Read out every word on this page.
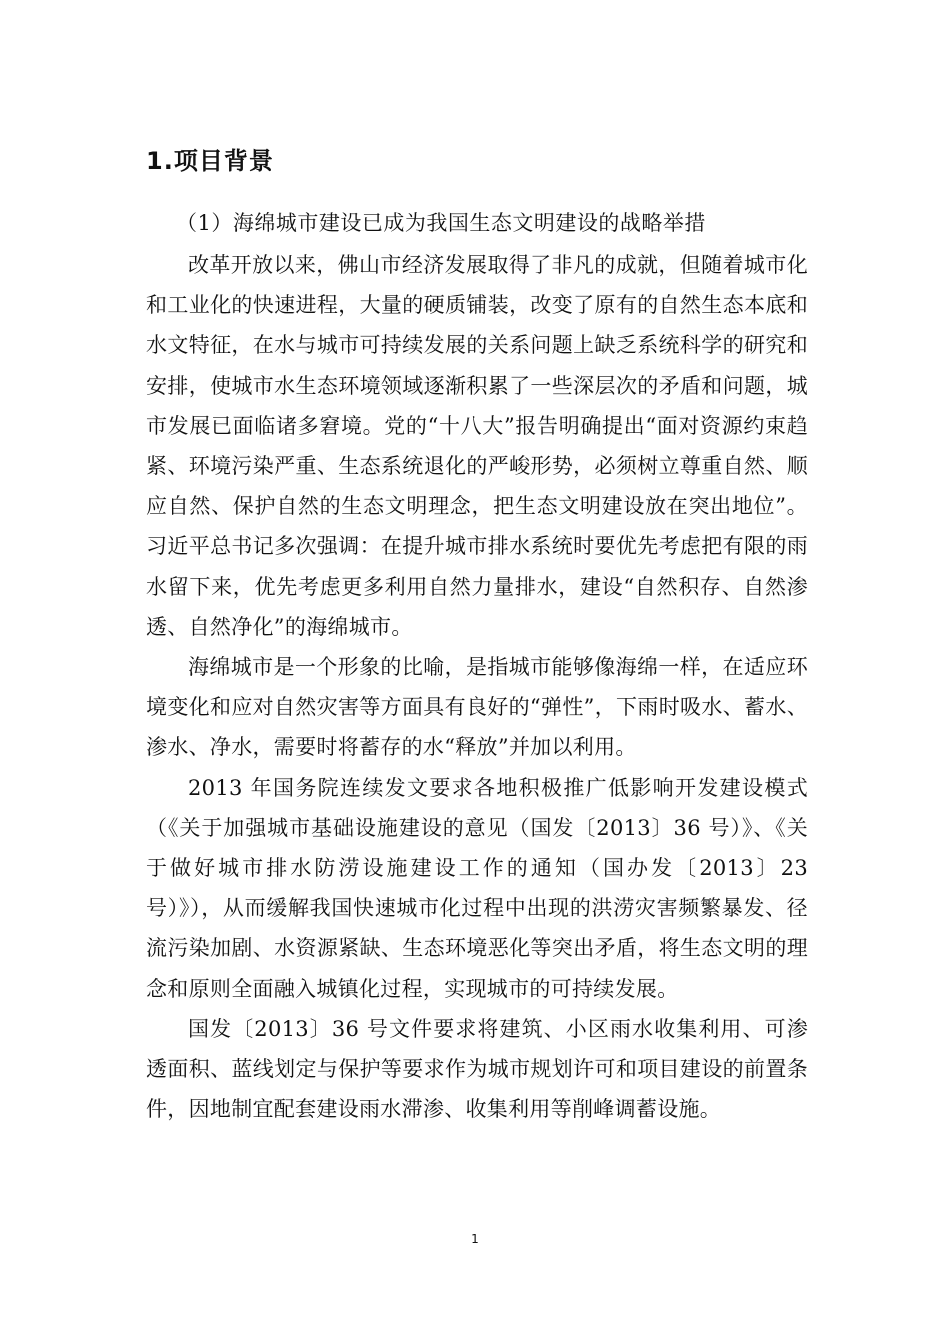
1.项目背景
（1）海绵城市建设已成为我国生态文明建设的战略举措

改革开放以来，佛山市经济发展取得了非凡的成就，但随着城市化和工业化的快速进程，大量的硬质铺装，改变了原有的自然生态本底和水文特征，在水与城市可持续发展的关系问题上缺乏系统科学的研究和安排，使城市水生态环境领域逐渐积累了一些深层次的矛盾和问题，城市发展已面临诸多窘境。党的“十八大”报告明确提出“面对资源约束趋紧、环境污染严重、生态系统退化的严峻形势，必须树立尊重自然、顺应自然、保护自然的生态文明理念，把生态文明建设放在突出地位”。习近平总书记多次强调：在提升城市排水系统时要优先考虑把有限的雨水留下来，优先考虑更多利用自然力量排水，建设“自然积存、自然渗透、自然净化”的海绵城市。

海绵城市是一个形象的比喻，是指城市能够像海绵一样，在适应环境变化和应对自然灾害等方面具有良好的“弹性”，下雨时吸水、蓄水、渗水、净水，需要时将蓄存的水“释放”并加以利用。

2013 年国务院连续发文要求各地积极推广低影响开发建设模式（《关于加强城市基础设施建设的意见（国发〔2013〕36 号）》、《关于做好城市排水防涝设施建设工作的通知（国办发〔2013〕23 号）》），从而缓解我国快速城市化过程中出现的洪涝灾害频繁暴发、径流污染加剧、水资源紧缺、生态环境恶化等突出矛盾，将生态文明的理念和原则全面融入城镇化过程，实现城市的可持续发展。

国发〔2013〕36 号文件要求将建筑、小区雨水收集利用、可渗透面积、蓝线划定与保护等要求作为城市规划许可和项目建设的前置条件，因地制宜配套建设雨水滞渗、收集利用等削峰调蓄设施。

1
